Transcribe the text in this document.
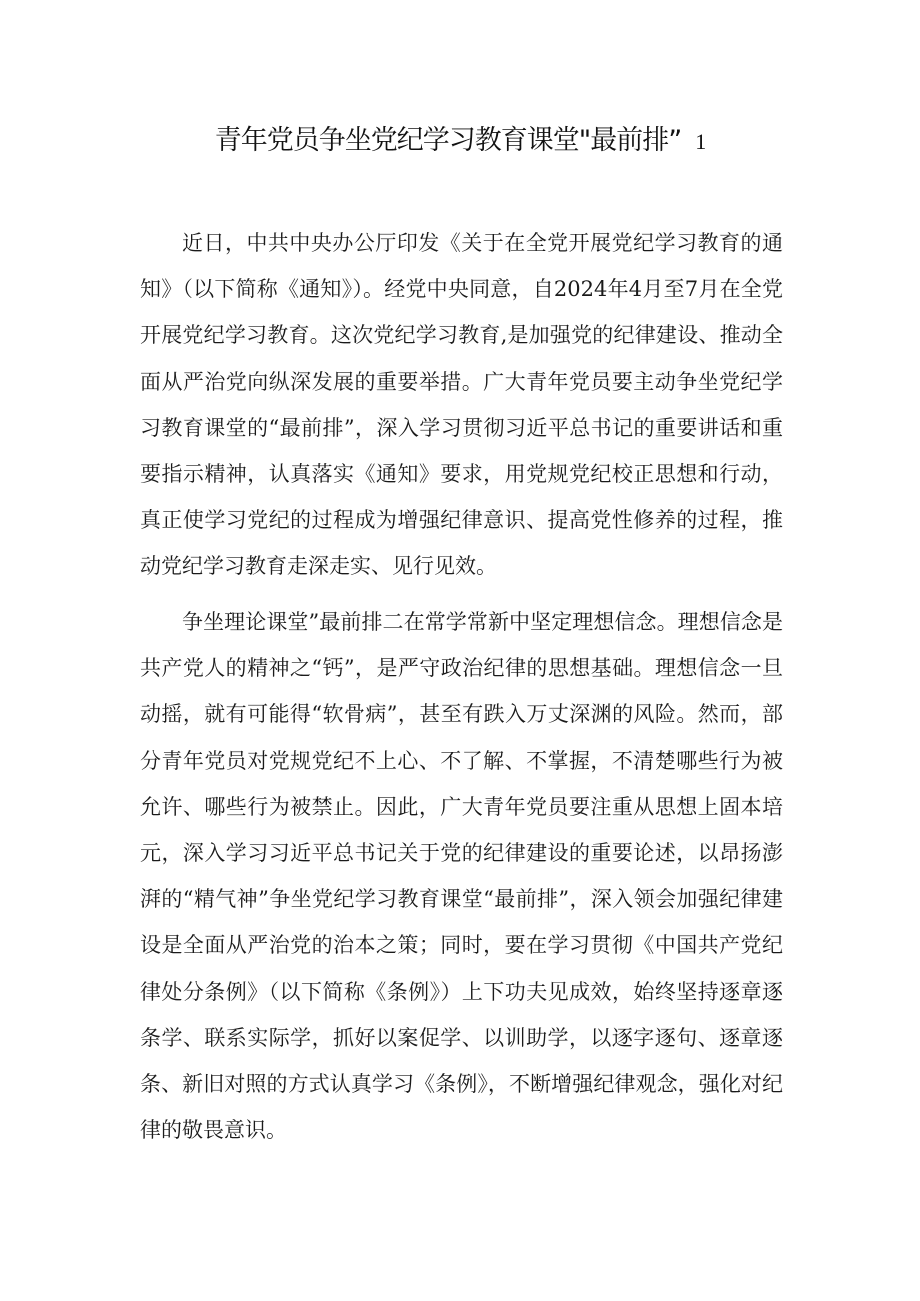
青年党员争坐党纪学习教育课堂"最前排” 1

近日，中共中央办公厅印发《关于在全党开展党纪学习教育的通知》（以下简称《通知》）。经党中央同意，自2024年4月至7月在全党开展党纪学习教育。这次党纪学习教育,是加强党的纪律建设、推动全面从严治党向纵深发展的重要举措。广大青年党员要主动争坐党纪学习教育课堂的“最前排”，深入学习贯彻习近平总书记的重要讲话和重要指示精神，认真落实《通知》要求，用党规党纪校正思想和行动，真正使学习党纪的过程成为增强纪律意识、提高党性修养的过程，推动党纪学习教育走深走实、见行见效。

争坐理论课堂”最前排二在常学常新中坚定理想信念。理想信念是共产党人的精神之“钙”，是严守政治纪律的思想基础。理想信念一旦动摇，就有可能得“软骨病”，甚至有跌入万丈深渊的风险。然而，部分青年党员对党规党纪不上心、不了解、不掌握，不清楚哪些行为被允许、哪些行为被禁止。因此，广大青年党员要注重从思想上固本培元，深入学习习近平总书记关于党的纪律建设的重要论述，以昂扬澎湃的“精气神”争坐党纪学习教育课堂“最前排”，深入领会加强纪律建设是全面从严治党的治本之策；同时，要在学习贯彻《中国共产党纪律处分条例》（以下简称《条例》）上下功夫见成效，始终坚持逐章逐条学、联系实际学，抓好以案促学、以训助学，以逐字逐句、逐章逐条、新旧对照的方式认真学习《条例》，不断增强纪律观念，强化对纪律的敬畏意识。
